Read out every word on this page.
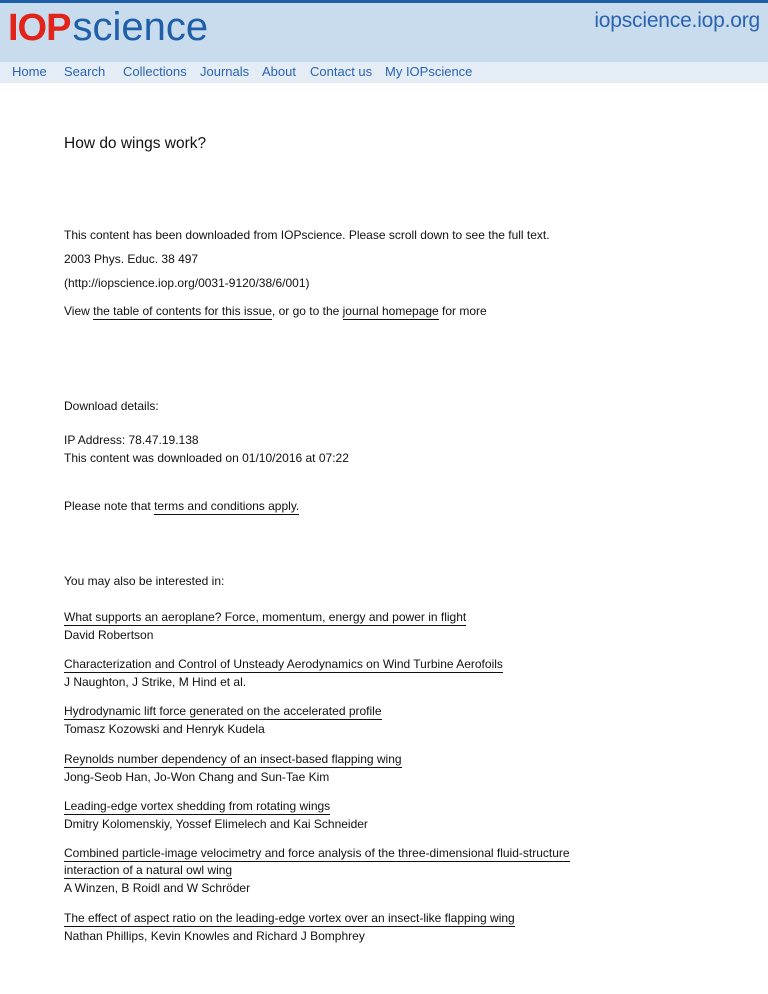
IOP science	iopscience.iop.org
Home Search Collections Journals About Contact us My IOPscience
How do wings work?
This content has been downloaded from IOPscience. Please scroll down to see the full text.
2003 Phys. Educ. 38 497
(http://iopscience.iop.org/0031-9120/38/6/001)
View the table of contents for this issue, or go to the journal homepage for more
Download details:
IP Address: 78.47.19.138
This content was downloaded on 01/10/2016 at 07:22
Please note that terms and conditions apply.
You may also be interested in:
What supports an aeroplane? Force, momentum, energy and power in flight
David Robertson
Characterization and Control of Unsteady Aerodynamics on Wind Turbine Aerofoils
J Naughton, J Strike, M Hind et al.
Hydrodynamic lift force generated on the accelerated profile
Tomasz Kozowski and Henryk Kudela
Reynolds number dependency of an insect-based flapping wing
Jong-Seob Han, Jo-Won Chang and Sun-Tae Kim
Leading-edge vortex shedding from rotating wings
Dmitry Kolomenskiy, Yossef Elimelech and Kai Schneider
Combined particle-image velocimetry and force analysis of the three-dimensional fluid-structure
interaction of a natural owl wing
A Winzen, B Roidl and W Schröder
The effect of aspect ratio on the leading-edge vortex over an insect-like flapping wing
Nathan Phillips, Kevin Knowles and Richard J Bomphrey
